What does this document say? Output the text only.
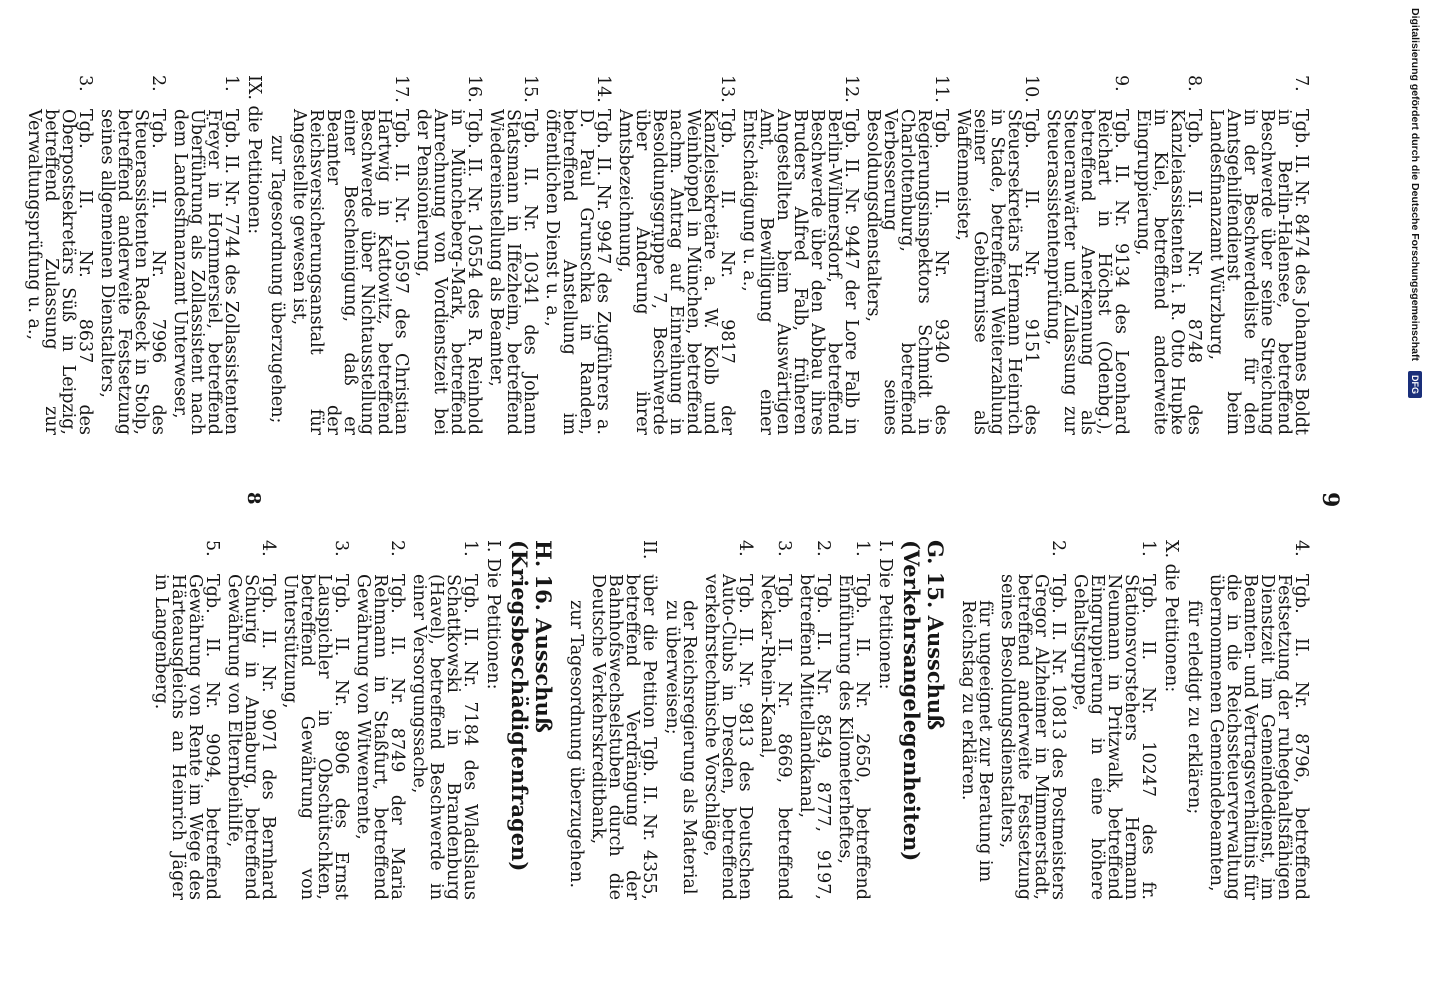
9
7.
Tgb. II. Nr. 8474 des Johannes Boldt in Berlin-Halensee, betreffend Beschwerde über seine Streichung in der Beschwerdeliste für den Amtsgehilfendienst beim Landesfinanzamt Würzburg,
8.
Tgb. II. Nr. 8748 des Kanzleiassistenten i. R. Otto Hupke in Kiel, betreffend anderweite Eingruppierung,
9.
Tgb. II. Nr. 9134 des Leonhard Reichart in Höchst (Odenbg.), betreffend Anerkennung als Steueranwärter und Zulassung zur Steuerassistentenprüfung,
10.
Tgb. II. Nr. 9151 des Steuersekretärs Hermann Heinrich in Stade, betreffend Weiterzahlung seiner Gebührnisse als Waffenmeister,
11.
Tgb. II. Nr. 9340 des Regierungsinspektors Schmidt in Charlottenburg, betreffend Verbesserung seines Besoldungsdienstalters,
12.
Tgb. II. Nr. 9447 der Lore Falb in Berlin-Wilmersdorf, betreffend Beschwerde über den Abbau ihres Bruders Alfred Falb, früheren Angestellten beim Auswärtigen Amt, Bewilligung einer Entschädigung u. a.,
13.
Tgb. II. Nr. 9817 der Kanzleisekretäre a. W. Kolb und Weinhöppel in München, betreffend nachm. Antrag auf Einreihung in Besoldungsgruppe 7, Beschwerde über Änderung ihrer Amtsbezeichnung,
14.
Tgb. II. Nr. 9947 des Zugführers a. D. Paul Grunschka in Randen, betreffend Anstellung im öffentlichen Dienst u. a.,
15.
Tgb. II. Nr. 10341 des Johann Statsmann in Iffezheim, betreffend Wiedereinstellung als Beamter,
16.
Tgb. II. Nr. 10554 des R. Reinhold in Müncheberg-Mark, betreffend Anrechnung von Vordienstzeit bei der Pensionierung,
17.
Tgb. II. Nr. 10597 des Christian Hartwig in Kattowitz, betreffend Beschwerde über Nichtausstellung einer Bescheinigung, daß er Beamter der Reichsversicherungsanstalt für Angestellte gewesen ist,
zur Tagesordnung überzugehen;
IX. die Petitionen:
1.
Tgb. II. Nr. 7744 des Zollassistenten Freyer in Hornmersiel, betreffend Überführung als Zollassistent nach dem Landesfinanzamt Unterweser,
2.
Tgb. II. Nr. 7996 des Steuerassistenten Radseck in Stolp, betreffend anderweite Festsetzung seines allgemeinen Dienstalters,
3.
Tgb. II. Nr. 8637 des Oberpostsekretärs Süß in Leipzig, betreffend Zulassung zur Verwaltungsprüfung u. a.,
4.
Tgb. II. Nr. 8796, betreffend Festsetzung der ruhegehaltsfähigen Dienstzeit im Gemeindedienst, im Beamten- und Vertragsverhältnis für die in die Reichssteuerverwaltung übernommenen Gemeindebeamten,
für erledigt zu erklären;
X. die Petitionen:
1.
Tgb. II. Nr. 10247 des fr. Stationsvorstehers Hermann Neumann in Pritzwalk, betreffend Eingruppierung in eine höhere Gehaltsgruppe,
2.
Tgb. II. Nr. 10813 des Postmeisters Gregor Alzheimer in Mimmerstadt, betreffend anderweite Festsetzung seines Besoldungsdienstalters,
für ungeeignet zur Beratung im Reichstag zu erklären.
G. 15. Ausschuß (Verkehrsangelegenheiten)
I. Die Petitionen:
1.
Tgb. II. Nr. 2650, betreffend Einführung des Kilometerheftes,
2.
Tgb. II. Nr. 8549, 8777, 9197, betreffend Mittellandkanal,
3.
Tgb. II. Nr. 8669, betreffend Neckar-Rhein-Kanal,
4.
Tgb. II. Nr. 9813 des Deutschen Auto-Clubs in Dresden, betreffend verkehrstechnische Vorschläge,
der Reichsregierung als Material zu überweisen;
II.
über die Petition Tgb. II. Nr. 4355, betreffend Verdrängung der Bahnhofswechselstuben durch die Deutsche Verkehrskreditbank,
zur Tagesordnung überzugehen.
H. 16. Ausschuß (Kriegsbeschädigtenfragen)
I. Die Petitionen:
1.
Tgb. II. Nr. 7184 des Wladislaus Schattkowski in Brandenburg (Havel), betreffend Beschwerde in einer Versorgungssache,
2.
Tgb. II. Nr. 8749 der Maria Rehmann in Staßfurt, betreffend Gewährung von Witwenrente,
3.
Tgb. II. Nr. 8906 des Ernst Lauspichler in Obschütschken, betreffend Gewährung von Unterstützung,
4.
Tgb. II. Nr. 9071 des Bernhard Schurig in Annaburg, betreffend Gewährung von Elternbeihilfe,
5.
Tgb. II. Nr. 9094, betreffend Gewährung von Rente im Wege des Härteausgleichs an Heinrich Jäger in Langenberg.
8
Digitalisierung gefördert durch die Deutsche Forschungsgemeinschaft
DFG
